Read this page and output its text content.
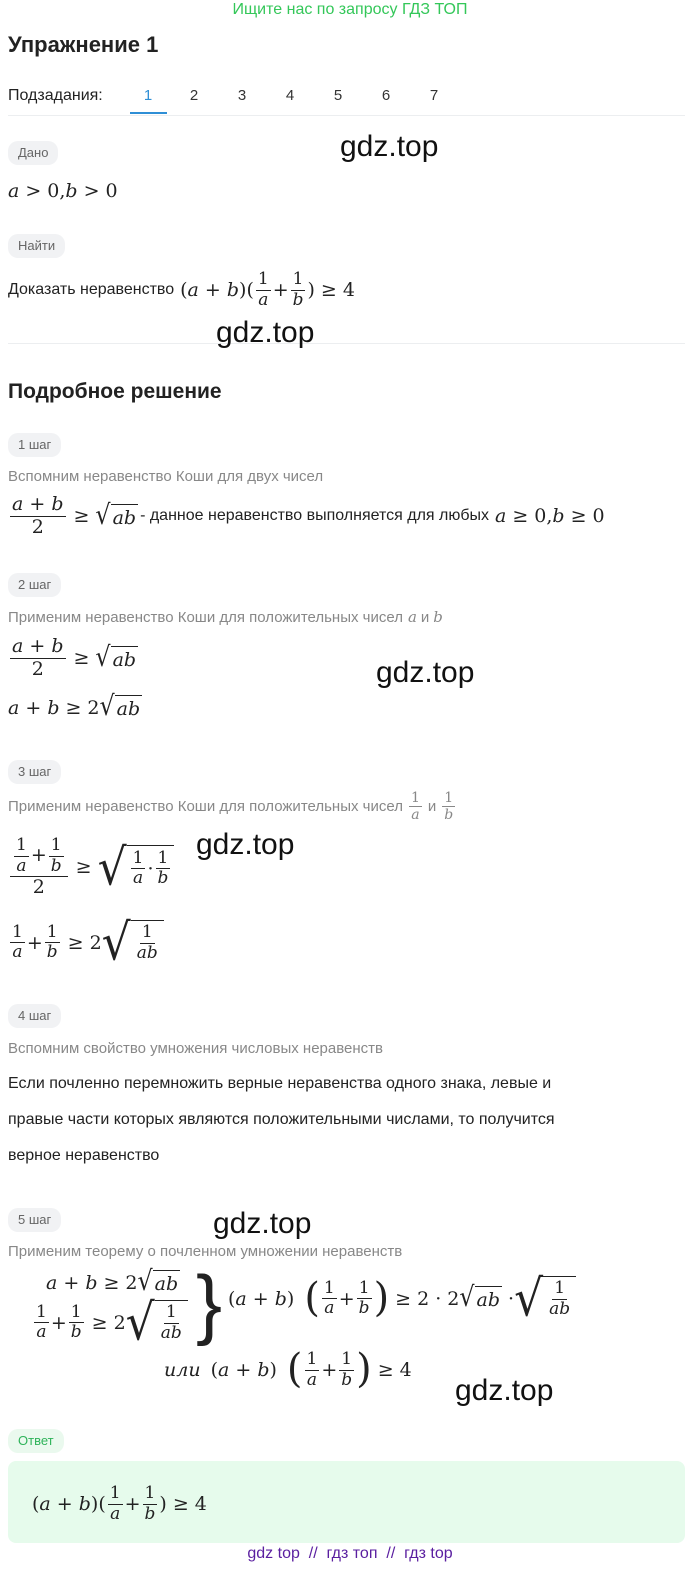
Ищите нас по запросу ГДЗ ТОП
Упражнение 1
Подзадания:	1	2	3	4	5	6	7
Дано
a > 0,b > 0
Найти
Доказать неравенство ( a + b )( $\frac{1}{a} + \frac{1}{b}$ ) ≥ 4
Подробное решение
1 шаг
Вспомним неравенство Коши для двух чисел
$\frac{a + b}{2}$ ≥ √ ab - данное неравенство выполняется для любых a ≥ 0,b ≥ 0
2 шаг
Применим неравенство Коши для положительных чисел a и b
$\frac{a + b}{2}$ ≥ √ ab
a + b ≥ 2 √ ab
3 шаг
Применим неравенство Коши для положительных чисел $\frac{1}{a}$ и $\frac{1}{b}$
$\frac{\frac{1}{a} + \frac{1}{b}}{2}$ ≥ √ $\frac{1}{a} \cdot \frac{1}{b}$
$\frac{1}{a} + \frac{1}{b} \ge 2$ √ $\frac{1}{ab}$
4 шаг
Вспомним свойство умножения числовых неравенств
Если почленно перемножить верные неравенства одного знака, левые и
правые части которых являются положительными числами, то получится
верное неравенство
5 шаг
Применим теорему о почленном умножении неравенств
a + b ≥ 2 √ ab
$\frac{1}{a} + \frac{1}{b} \ge 2$ √ $\frac{1}{ab}$ } ( a + b ) ( $\frac{1}{a} + \frac{1}{b}$ ) ≥ 2 · 2 √ ab · √ $\frac{1}{ab}$
или ( a + b ) ( $\frac{1}{a} + \frac{1}{b}$ ) ≥ 4
Ответ
( a + b )( $\frac{1}{a} + \frac{1}{b}$ ) ≥ 4
gdz.top
gdz.top
gdz.top
gdz.top
gdz.top
gdz.top
gdz top  //  гдз топ  //  гдз top
